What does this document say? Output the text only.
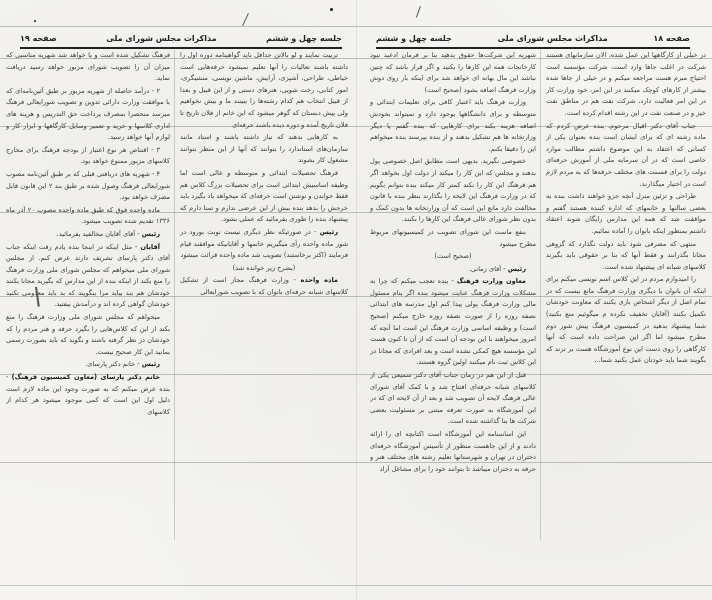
جلسه چهل و ششم
مذاکرات مجلس شورای ملی
صفحه ۱۹

تربیت نمایند و لو بالاتن حداقل باید گواهینامه دوره اول را داشته باشند تعالیات را آنها تعلیم نمیشود حرفه‌هایی است خیاطی، طراحی، آشپزی، آرایش، ماشین نویسی، منشیگری، امور کتابی، رخت شویی، هنرهای دستی و از این قبیل و بعدا از قبیل انتخاب هم کدام رشته‌ها را ببینند ما و بیش نخواهیم ولی پیش دبستان که گوهر میشود که این خانم از فلان تاریخ تا فلان تاریخ آمده و دوره دیده باشند حرفه‌ای

به کارهایی بدهند که نیاز داشته باشند و استاد مانند سازمان‌های استاندارد را بتوانند که آنها از این منظر بتوانند مشغول کار بشوند

فرهنگ تحصیلات ابتدائی و متوسطه و عالی است اما وظیفه اساسیش ابتدائی است برای تحصیلات بزرگ کلاس هم فقط خواندن و نوشتن است حرفه‌ای که میخواهد یاد بگیرد باید خرجش را بدهد بنده بیش از این عرضی ندارم و تمنا دارم که پیشنهاد بنده را طوری بفرمائید که عملی بشود.

رئیس - در صورتیکه نظر دیگری نیست نوبت بورود در شور ماده واحده رأی میگیریم خانمها و آقایانیکه موافقند قیام فرمایند (اکثر برخاستند) تصویب شد ماده واحده قرائت میشود

(بشرح زیر خوانده شد)

ماده واحده - وزارت فرهنگ مجاز است از تشکیل کلاسهای شبانه حرفه‌ای بانوان که با تصویب شورایعالی

فرهنگ تشکیل شده است و یا خواهد شد شهریه مناسبی که میزان آن را تصویب شورای مزبور خواهد رسید دریافت نماید.

۲ - درآمد حاصله از شهریه مزبور بر طبق آئین‌نامه‌ای که با موافقت وزارت دارائی تدوین و تصویب شورایعالی فرهنگ میرسد منحصرا بمصرف پرداخت حق التدریس و هزینه های اداری کلاسها و خرید و تعمیر وسایل کارگاهها و ابزار کار و لوازم آنها خواهد رسید.

۳ - اقتناص هر نوع اعتبار از بودجه فرهنگ برای مخارج کلاسهای مزبور ممنوع خواهد بود.

۴ - شهریه های دریافتی قبلی که بر طبق آئین‌نامه مصوب شورایعالی فرهنگ وصول شده بر طبق بند ۲ این قانون قابل مصرف خواهد بود.

ماده واحده فوق که طبق ماده واحده مصوب ۲۰ آذر ماه ۱۳۳۶ تقدیم شده تصویب میشود.

رئیس - آقای آقایان مخالفید بفرمائید.

آقایان - مثل اینکه در اینجا بنده یادم رفت اینکه جناب آقای دکتر پارسای تشریف دارند عرض کنم. از مجلس شورای ملی میخواهم که مجلس شورای ملی وزارت فرهنگ را منع بکند از اینکه بنده از این مدارس که بگیرید مجانا بکنند خودشان هم بند بیاید مرا بنگویند که بد باید معدومی نکنید خودشان گواهی کرده اند و درآمدش بیفتید.

میخواهم که مجلس شورای ملی وزارت فرهنگ را منع بکند از این که کلاس‌هایی را بگیرد حرفه و هنر مردم را که خودشان در نظر گرفته باشند و بگوید که باید بصورت رسمی بمانید این کار صحیح نیست.

رئیس - خانم دکتر پارسای.

خانم دکتر پارسای (معاون کمیسیون فرهنگ) - بنده عرض میکنم که به صورت وجود این ماده لازم است دلیل اول این است که کمی موجود میشود هر کدام از کلاسهای

صفحه ۱۸
مذاکرات مجلس شورای ملی
جلسه چهل و ششم

در خیلی از کارگاهها این عمل شده، الان سازمانهای هستند شرکت در اغلب جاها وارد است، شرکت مؤسسه است احتیاج مبرم هست مراجعه میکنم و در خیلی از جاها شده بیشتر از کارهای کوچک میکنند در این امر، خود وزارت کار در این امر فعالیت دارد، شرکت نفت هم در مناطق نفت خیز و در صنعت نفت در این رشته اقدام کرده است.

جناب آقای دکتر اقبال مرحوم، بنده عرض کردم که ماده رشته ای که برای ایشان است بنده بعنوان یکی از کسانی که اعتقاد به این موضوع داشتم مطالب موارد خاصی است که در آن سرمایه ملی از آموزش حرفه‌ای دولت را برای قسمت های مختلف حرفه‌ها که به مردم لازم است در اختیار میگذارند.

طراحی و تزئین منزل آنچه جزو خواهند داشت بنده به بعضی سالنها و خانمهای که اداره کننده هستند گفتم و موافقت شد که همه این مدارس رایگان شوند اعتقاد داشتم بمنظور اینکه بانوان را آماده نمائیم.

منتهی که مصرفی شود باید دولت نگذارد که گروهی مجانا بگذرانند و فقط آنها که بنا بر حقوقی باید بگیرند کلاسهای شبانه ای پیشنهاد شده است.

را امیدوارم مردم در این کلاس اسم نویسی میکنم برای اینکه آن بانوان با دیگری وزارت فرهنگ مانع نیست که در تمام اصل از دیگر اشخاص بازی بکنند که معاونت خودشان تکمیل بکنند (آقایان تخفیف نکرده م میگوئیم منع بکنید) شما پیشنهاد بدهید در کمیسیون فرهنگ پیش شور دوم مطرح میشود اما اگر این صراحت داده است که آنها کارگاهی را روی دست این نوع آموزشگاه هست بر ترند که بگویند شما باید خودتان عمل بکنید شما...

شهریه این شرکت‌ها حقوق بدهید بنا بر فرمان ادعید نبود کارخانجات همه این کارها را بکنید و اگر قرار باشد که چنین نباشد این مال بهانه ای خواهد شد برای اینکه بار روی دوش وزارت فرهنگ اضافه بشود (صحیح است)

وزارت فرهنگ باید اعتبار کافی برای تعلیمات ابتدائی و متوسطه و برای دانشگاهها بوجود دارد و نمیتواند بخودش اضافه هزینه بکند برای کارهایی که بنده گفتم یا دیگر وزارتخانه ها هم تشکیل بدهند و از بنده بپرسند بنده میخواهم این را دقیقا بکنم.

خصوصی نگیرید. بدیهی است مطابق اصل خصوصی پول بدهند و مجلس که این کار را میکند از دولت اول بخواهد اگر هم فرهنگ این کار را نکند کمتر کار میکند بنده بتوانم بگویم که در وزارت فرهنگ این لایحه را بگذارند بنظر بنده با قانون مخالفت دارد مانع این است که آن وزارتخانه ها بدون کمک و بدون نظر شورای عالی فرهنگ این کارها را بکنند.

بنفع ماست این شورای تصویب در کمیسیونهای مربوط مطرح میشود

(صحیح است)

رئیس - آقای زمانی.

معاون وزارت فرهنگ - بنده تعجب میکنم که چرا به مشکلات وزارت فرهنگ عنایت میشود بنده اگر بنام مسئول مالی وزارت فرهنگ پولی پیدا کنم اول مدرسه های ابتدائی نصفه روزه را از صورت نصفه روزه خارج میکنم (صحیح است) و وظیفه اساسی وزارت فرهنگ این است اما آنچه که امروز میخواهند با این بودجه آن است که از آن تا کنون هست این مؤسسه هیچ کمکی نشده است و بعد افرادی که مجانا در این کلاس ثبت نام میکنند اولین گروه هستند.

قبل از این هم در زمان جناب آقای دکتر سمیعی یکی از کلاسهای شبانه حرفه‌ای افتتاح شد و با کمک آقای شورای عالی فرهنگ لایحه آن تصویب شد و بعد از آن لایحه ای که در این آموزشگاه به صورت تعرفه مبتنی بر مسئولیت بعضی شرکت ها بنا گذاشته شده است.

این اساسنامه این آموزشگاه است اکتابچه ای را ارائه دادند و از این جاهست منظور از تأسیس آموزشگاه حرفه‌ای دختران در تهران و شهرستانها تعلیم رشته های مختلف هنر و حرفه به دختران میباشد تا بتوانند خود را برای مشاغل آزاد
